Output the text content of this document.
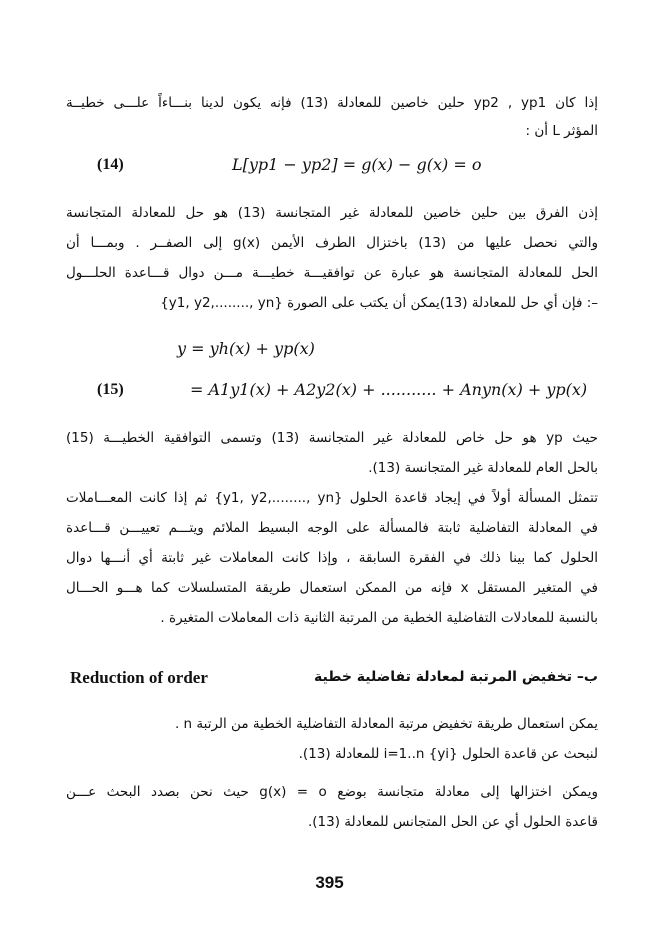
إذا كان yp2 , yp1 حلين خاصين للمعادلة (13) فإنه يكون لدينا بنـــاءاً علـــى خطيــة

المؤثر L أن :

(14)	L[yp1 − yp2] = g(x) − g(x) = o

إذن الفرق بين حلين خاصين للمعادلة غير المتجانسة (13) هو حل للمعادلة المتجانسة

والتي نحصل عليها من (13) باختزال الطرف الأيمن g(x) إلى الصفــر . وبمـــا أن

الحل للمعادلة المتجانسة هو عبارة عن توافقيـــة خطيـــة مـــن دوال قـــاعدة الحلـــول

{y1, y2,........, yn} فإن أي حل للمعادلة (13)يمكن أن يكتب على الصورة :–

y = yh(x) + yp(x)
(15)	= A1y1(x) + A2y2(x) + ........... + Anyn(x) + yp(x)

حيث yp هو حل خاص للمعادلة غير المتجانسة (13) وتسمى التوافقية الخطيـــة (15)

بالحل العام للمعادلة غير المتجانسة (13).

تتمثل المسألة أولاً في إيجاد قاعدة الحلول {y1, y2,........, yn} ثم إذا كانت المعـــاملات

في المعادلة التفاضلية ثابتة فالمسألة على الوجه البسيط الملائم ويتـــم تعييـــن قـــاعدة

الحلول كما بينا ذلك في الفقرة السابقة ، وإذا كانت المعاملات غير ثابتة أي أنـــها دوال

في المتغير المستقل x فإنه من الممكن استعمال طريقة المتسلسلات كما هـــو الحـــال

بالنسبة للمعادلات التفاضلية الخطية من المرتبة الثانية ذات المعاملات المتغيرة .

ب– تخفيض المرتبة لمعادلة تفاضلية خطية
Reduction of order

يمكن استعمال طريقة تخفيض مرتبة المعادلة التفاضلية الخطية من الرتبة n .

لنبحث عن قاعدة الحلول {yi} i=1..n للمعادلة (13).

ويمكن اختزالها إلى معادلة متجانسة بوضع g(x) = o حيث نحن بصدد البحث عـــن

قاعدة الحلول أي عن الحل المتجانس للمعادلة (13).

395
